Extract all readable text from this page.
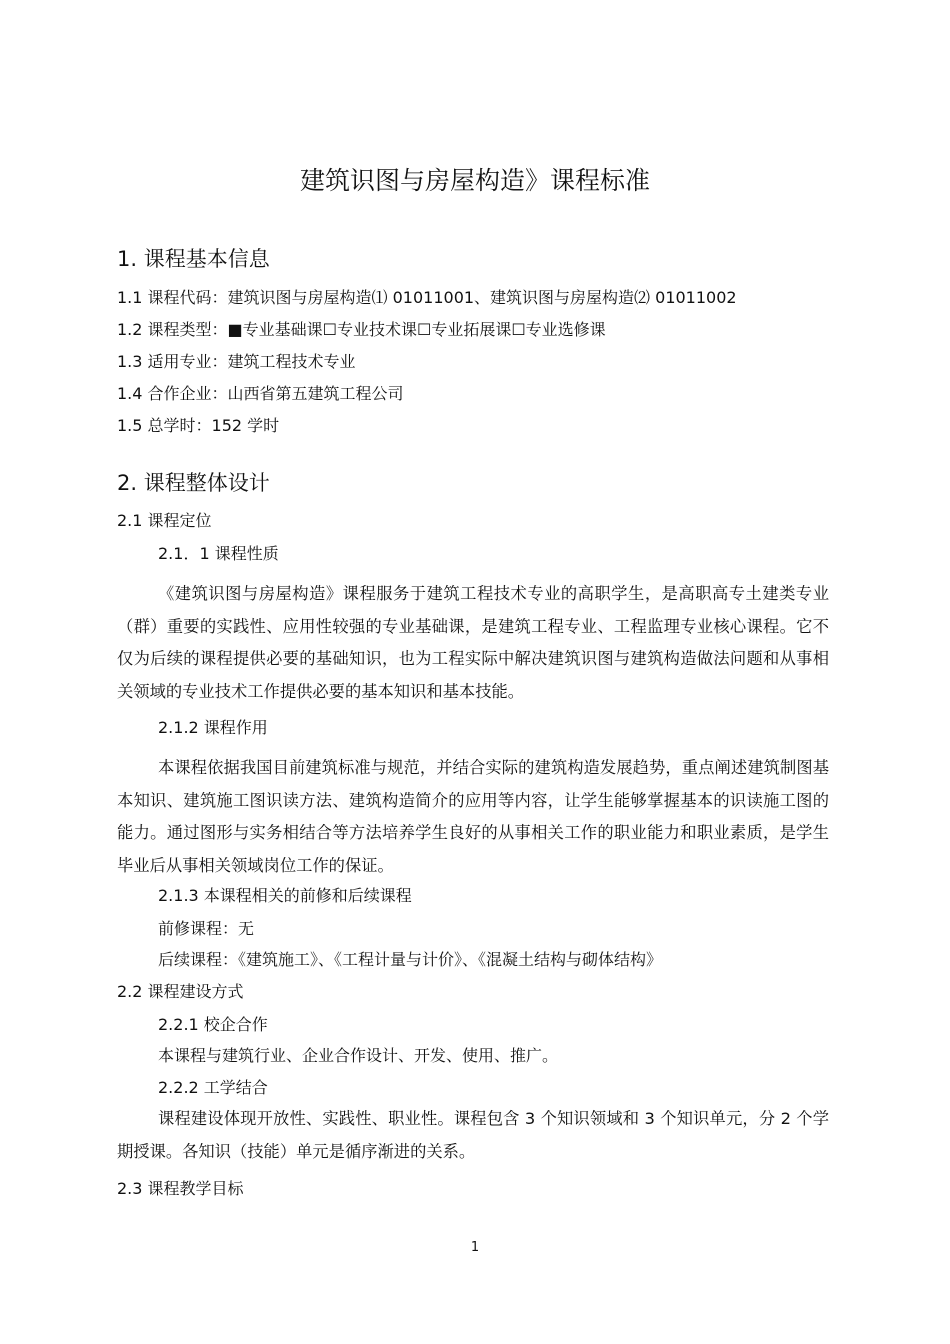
建筑识图与房屋构造》课程标准
1. 课程基本信息
1.1 课程代码：建筑识图与房屋构造⑴ 01011001、建筑识图与房屋构造⑵ 01011002
1.2 课程类型：■专业基础课☐专业技术课☐专业拓展课☐专业选修课
1.3 适用专业：建筑工程技术专业
1.4 合作企业：山西省第五建筑工程公司
1.5 总学时：152 学时
2. 课程整体设计
2.1 课程定位
2.1．1 课程性质
《建筑识图与房屋构造》课程服务于建筑工程技术专业的高职学生，是高职高专土建类专业（群）重要的实践性、应用性较强的专业基础课，是建筑工程专业、工程监理专业核心课程。它不仅为后续的课程提供必要的基础知识，也为工程实际中解决建筑识图与建筑构造做法问题和从事相关领域的专业技术工作提供必要的基本知识和基本技能。
2.1.2 课程作用
本课程依据我国目前建筑标准与规范，并结合实际的建筑构造发展趋势，重点阐述建筑制图基本知识、建筑施工图识读方法、建筑构造简介的应用等内容，让学生能够掌握基本的识读施工图的能力。通过图形与实务相结合等方法培养学生良好的从事相关工作的职业能力和职业素质，是学生毕业后从事相关领域岗位工作的保证。
2.1.3 本课程相关的前修和后续课程
前修课程：无
后续课程：《建筑施工》、《工程计量与计价》、《混凝土结构与砌体结构》
2.2 课程建设方式
2.2.1 校企合作
本课程与建筑行业、企业合作设计、开发、使用、推广。
2.2.2 工学结合
课程建设体现开放性、实践性、职业性。课程包含 3 个知识领域和 3 个知识单元，分 2 个学期授课。各知识（技能）单元是循序渐进的关系。
2.3 课程教学目标
1
